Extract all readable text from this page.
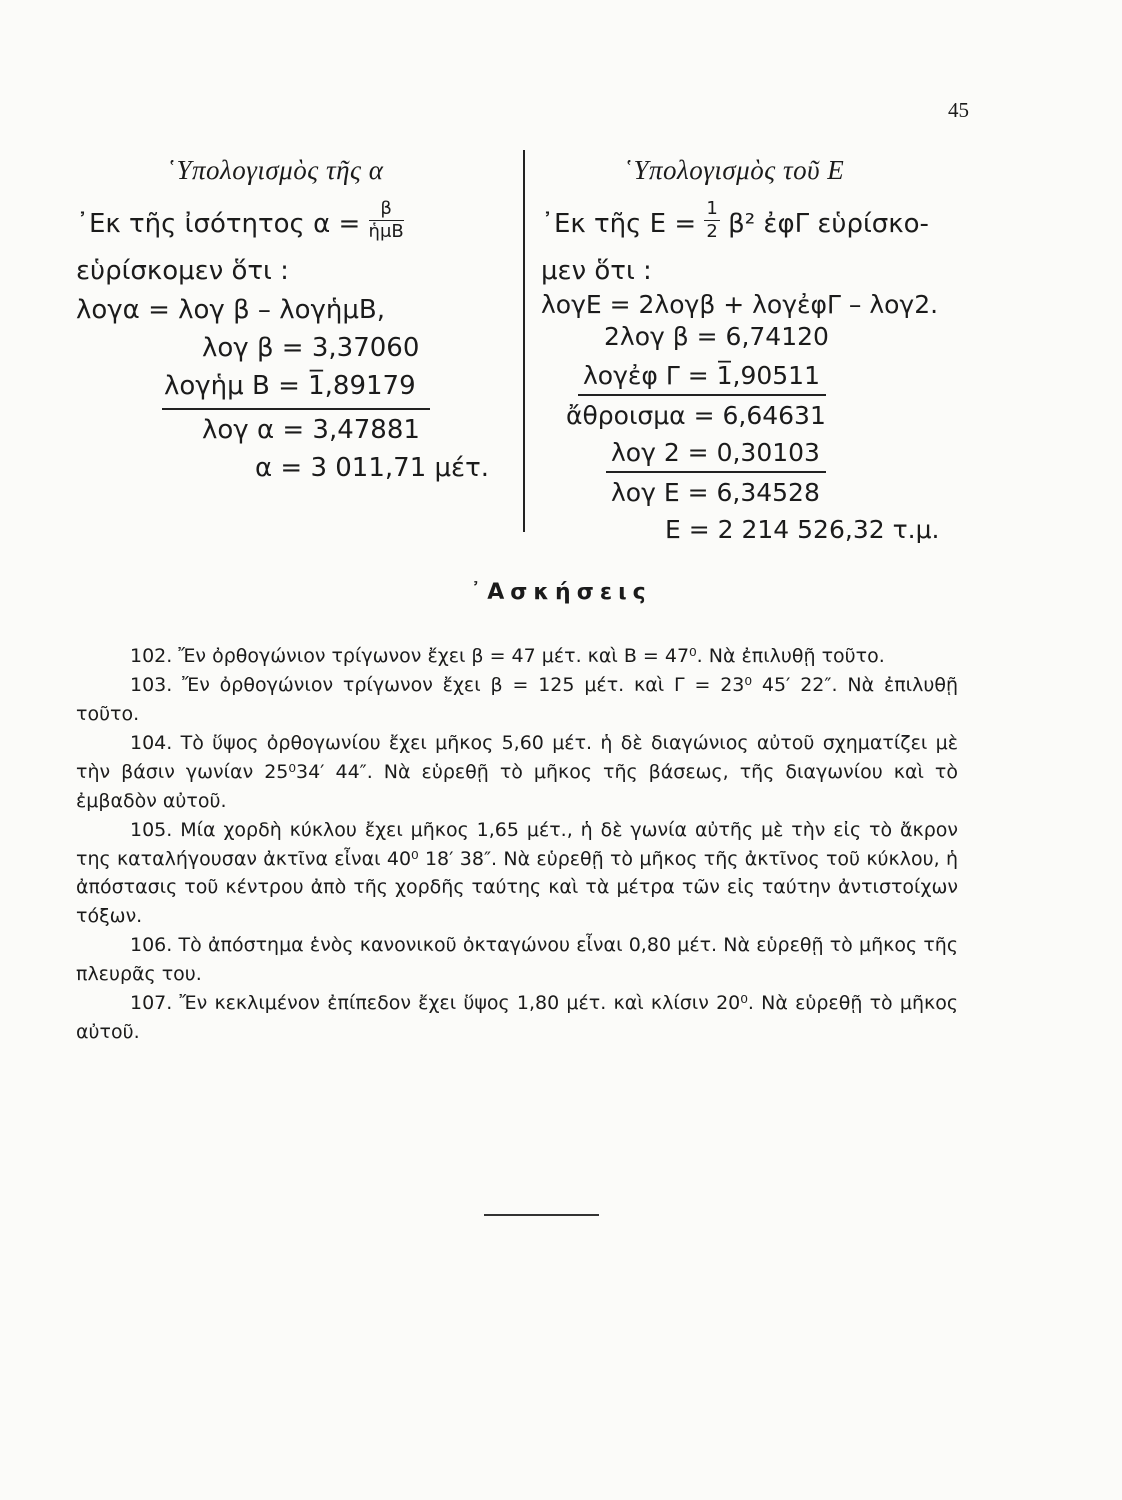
45
῾Υπολογισμὸς τῆς α
᾽Εκ τῆς ἰσότητος $\alpha = \frac{\beta}{\text{ἡμΒ}}$
εὑρίσκομεν ὅτι :
λογα = λογ β – λογἡμΒ,
λογ β = 3,37060
λογἡμ Β = 1̅,89179
λογ α = 3,47881
α = 3 011,71 μέτ.
῾Υπολογισμὸς τοῦ Ε
᾽Εκ τῆς $E = \frac{1}{2} \beta^2$ ἐφΓ εὑρίσκο-
μεν ὅτι :
λογΕ = 2λογβ + λογἐφΓ – λογ2.
2λογ β = 6,74120
λογἐφ Γ = 1̅,90511
ἄθροισμα = 6,64631
λογ 2 = 0,30103
λογ Ε = 6,34528
Ε = 2 214 526,32 τ.μ.
᾽Ασκήσεις

102. Ἔν ὀρθογώνιον τρίγωνον ἔχει β = 47 μέτ. καὶ Β = 47⁰. Νὰ ἐπιλυθῇ τοῦτο.

103. Ἔν ὀρθογώνιον τρίγωνον ἔχει β = 125 μέτ. καὶ Γ = 23⁰ 45′ 22″. Νὰ ἐπιλυθῇ τοῦτο.

104. Τὸ ὕψος ὀρθογωνίου ἔχει μῆκος 5,60 μέτ. ἡ δὲ διαγώνιος αὐτοῦ σχηματίζει μὲ τὴν βάσιν γωνίαν 25⁰34′ 44″. Νὰ εὑρεθῇ τὸ μῆκος τῆς βάσεως, τῆς διαγωνίου καὶ τὸ ἐμβαδὸν αὐτοῦ.

105. Μία χορδὴ κύκλου ἔχει μῆκος 1,65 μέτ., ἡ δὲ γωνία αὐτῆς μὲ τὴν εἰς τὸ ἄκρον της καταλήγουσαν ἀκτῖνα εἶναι 40⁰ 18′ 38″. Νὰ εὑρεθῇ τὸ μῆκος τῆς ἀκτῖνος τοῦ κύκλου, ἡ ἀπόστασις τοῦ κέντρου ἀπὸ τῆς χορδῆς ταύτης καὶ τὰ μέτρα τῶν εἰς ταύτην ἀντιστοίχων τόξων.

106. Τὸ ἀπόστημα ἑνὸς κανονικοῦ ὀκταγώνου εἶναι 0,80 μέτ. Νὰ εὑρεθῇ τὸ μῆκος τῆς πλευρᾶς του.

107. Ἔν κεκλιμένον ἐπίπεδον ἔχει ὕψος 1,80 μέτ. καὶ κλίσιν 20⁰. Νὰ εὑρεθῇ τὸ μῆκος αὐτοῦ.
